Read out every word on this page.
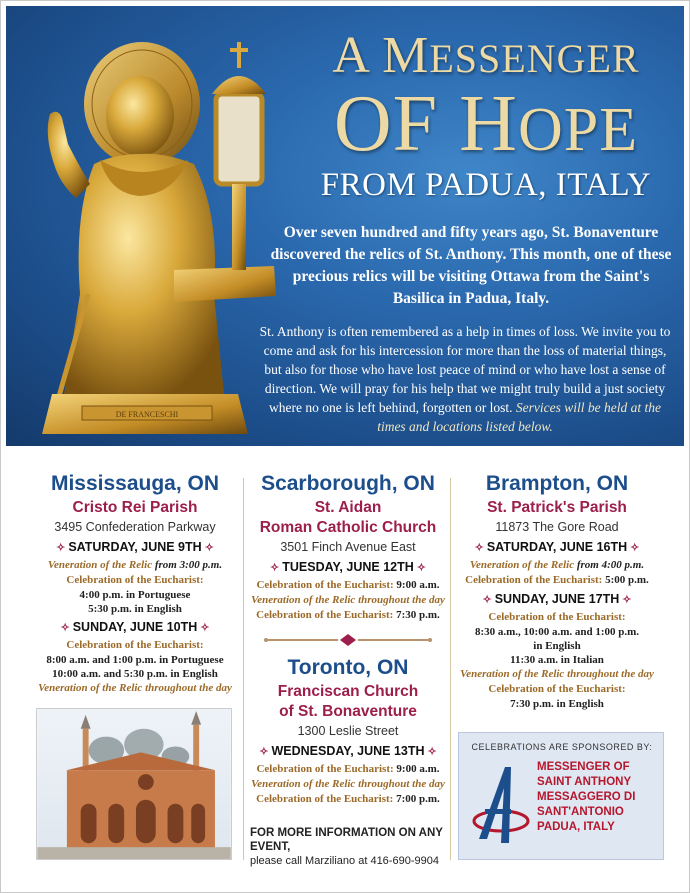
DE FRANCESCHI
A MESSENGER
OF HOPE
FROM PADUA, ITALY

Over seven hundred and fifty years ago, St. Bonaventure discovered the relics of St. Anthony. This month, one of these precious relics will be visiting Ottawa from the Saint's Basilica in Padua, Italy.

St. Anthony is often remembered as a help in times of loss. We invite you to come and ask for his intercession for more than the loss of material things, but also for those who have lost peace of mind or who have lost a sense of direction. We will pray for his help that we might truly build a just society where no one is left behind, forgotten or lost. Services will be held at the times and locations listed below.

Mississauga, ON
Cristo Rei Parish
3495 Confederation Parkway
✧ SATURDAY, JUNE 9TH ✧
Veneration of the Relic from 3:00 p.m.
Celebration of the Eucharist:
4:00 p.m. in Portuguese
5:30 p.m. in English
✧ SUNDAY, JUNE 10TH ✧
Celebration of the Eucharist:
8:00 a.m. and 1:00 p.m. in Portuguese
10:00 a.m. and 5:30 p.m. in English
Veneration of the Relic throughout the day
Scarborough, ON
St. Aidan
Roman Catholic Church
3501 Finch Avenue East
✧ TUESDAY, JUNE 12TH ✧
Celebration of the Eucharist: 9:00 a.m.
Veneration of the Relic throughout the day
Celebration of the Eucharist: 7:30 p.m.
Toronto, ON
Franciscan Church
of St. Bonaventure
1300 Leslie Street
✧ WEDNESDAY, JUNE 13TH ✧
Celebration of the Eucharist: 9:00 a.m.
Veneration of the Relic throughout the day
Celebration of the Eucharist: 7:00 p.m.
FOR MORE INFORMATION ON ANY EVENT,
please call Marziliano at 416-690-9904
Brampton, ON
St. Patrick's Parish
11873 The Gore Road
✧ SATURDAY, JUNE 16TH ✧
Veneration of the Relic from 4:00 p.m.
Celebration of the Eucharist: 5:00 p.m.
✧ SUNDAY, JUNE 17TH ✧
Celebration of the Eucharist:
8:30 a.m., 10:00 a.m. and 1:00 p.m.
in English
11:30 a.m. in Italian
Veneration of the Relic throughout the day
Celebration of the Eucharist:
7:30 p.m. in English
CELEBRATIONS ARE SPONSORED BY:
MESSENGER OF
SAINT ANTHONY
MESSAGGERO DI
SANT'ANTONIO
PADUA, ITALY
